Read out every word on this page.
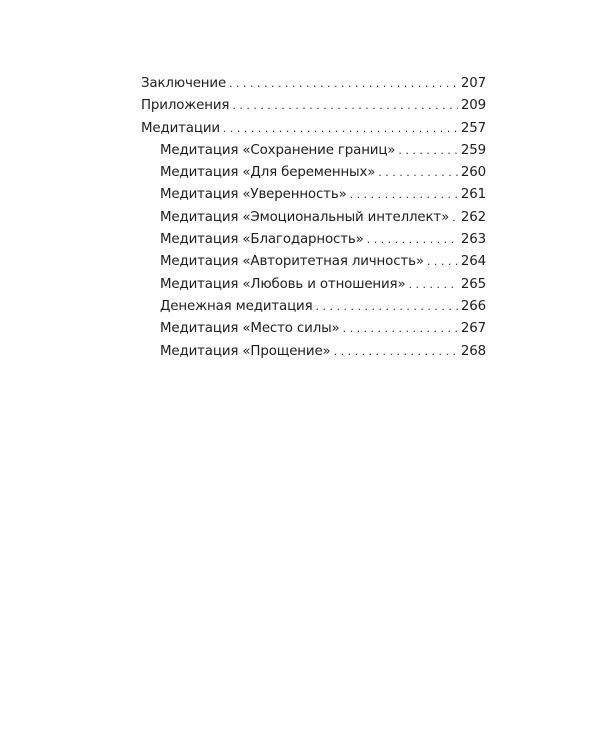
Заключение . . .	207
Приложения . . .	209
Медитации . . .	257
Медитация «Сохранение границ» . . .	259
Медитация «Для беременных» . . .	260
Медитация «Уверенность» . . .	261
Медитация «Эмоциональный интеллект» . . . 262
Медитация «Благодарность» . . .	263
Медитация «Авторитетная личность» . . .	264
Медитация «Любовь и отношения» . . .	265
Денежная медитация . . .	266
Медитация «Место силы» . . .	267
Медитация «Прощение» . . .	268
